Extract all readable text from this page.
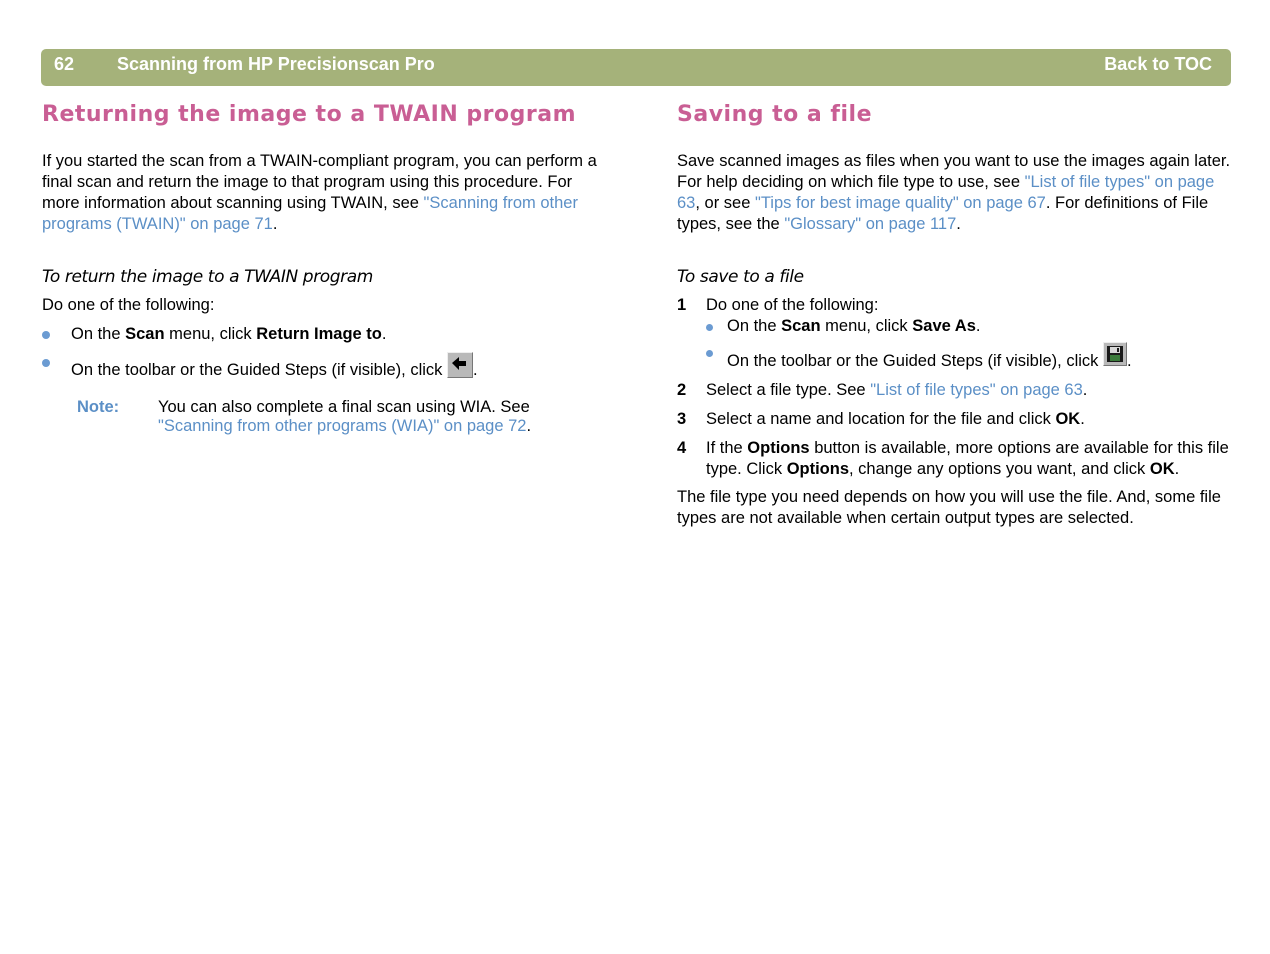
62 Scanning from HP Precisionscan Pro	Back to TOC
Returning the image to a TWAIN program

If you started the scan from a TWAIN-compliant program, you can perform a final scan and return the image to that program using this procedure. For more information about scanning using TWAIN, see "Scanning from other programs (TWAIN)" on page 71.

To return the image to a TWAIN program

Do one of the following:

On the Scan menu, click Return Image to.
On the toolbar or the Guided Steps (if visible), click
.
Note: You can also complete a final scan using WIA. See "Scanning from other programs (WIA)" on page 72.
Saving to a file

Save scanned images as files when you want to use the images again later. For help deciding on which file type to use, see "List of file types" on page 63, or see "Tips for best image quality" on page 67. For definitions of File types, see the "Glossary" on page 117.

To save to a file

1 Do one of the following:
On the Scan menu, click Save As.
On the toolbar or the Guided Steps (if visible), click
.
2 Select a file type. See "List of file types" on page 63.
3 Select a name and location for the file and click OK.
4 If the Options button is available, more options are available for this file type. Click Options, change any options you want, and click OK.

The file type you need depends on how you will use the file. And, some file types are not available when certain output types are selected.
